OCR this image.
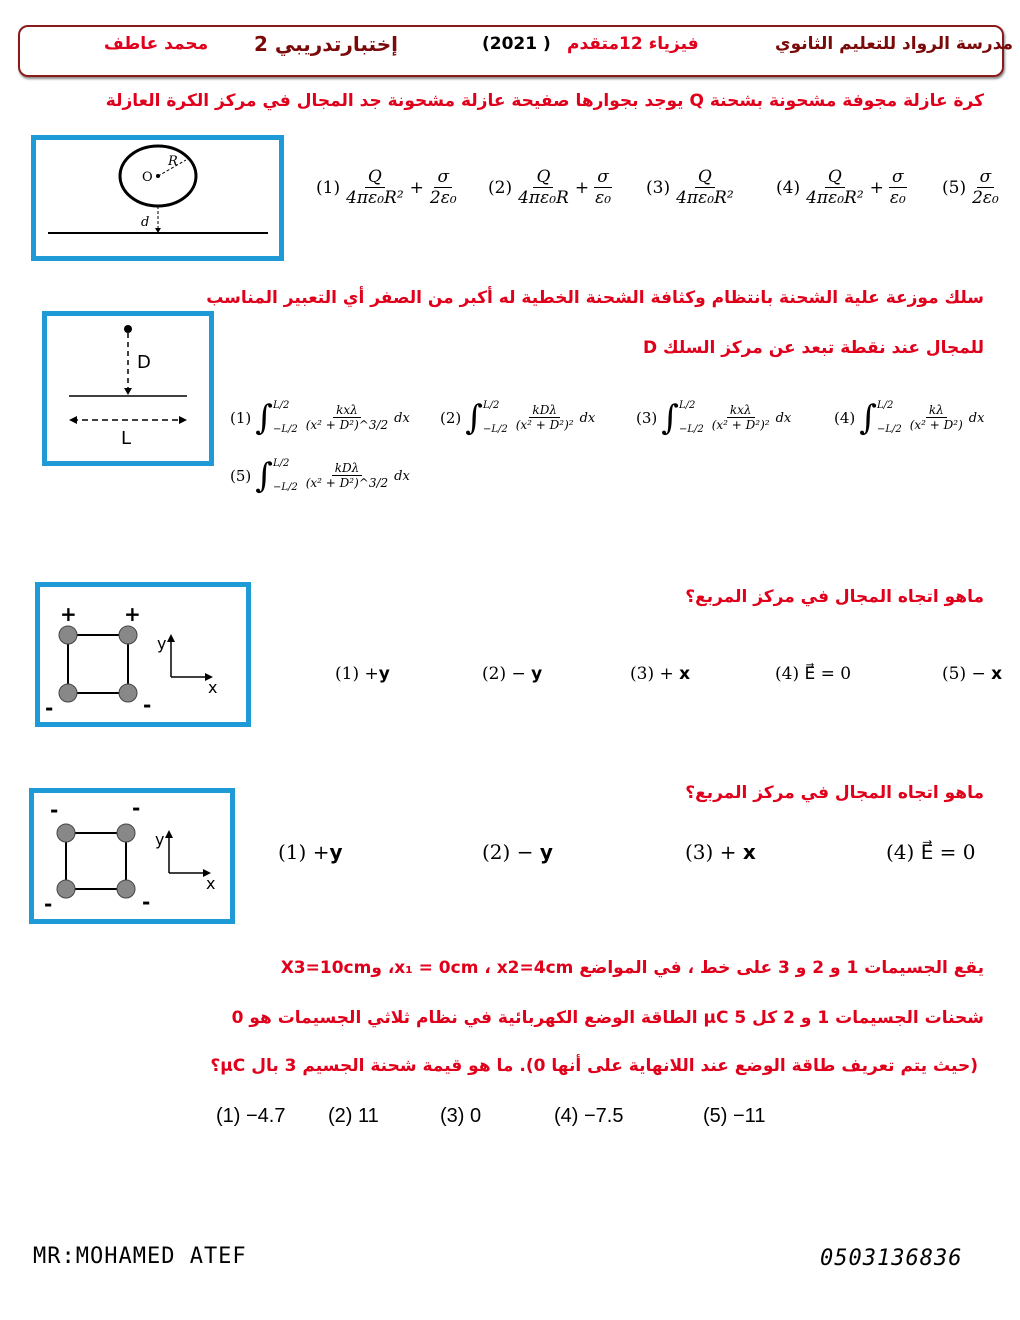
مدرسة الرواد للتعليم الثانوي
فيزياء 12متقدم
(2021 )
إختبارتدريبي 2
محمد عاطف
كرة عازلة مجوفة مشحونة بشحنة Q يوجد بجوارها صفيحة عازلة مشحونة جد المجال في مركز الكرة العازلة
O
R
d
$(1) \frac{Q}{\text{4πε₀R²}} + \frac{\sigma}{\text{2ε₀}} (2) \frac{Q}{\text{4πε₀R}} + \frac{\sigma}{\text{ε₀}} (3) \frac{Q}{\text{4πε₀R²}} (4) \frac{Q}{\text{4πε₀R²}} + \frac{\sigma}{\text{ε₀}} (5) \frac{\sigma}{\text{2ε₀}}$
سلك موزعة علية الشحنة بانتظام وكثافة الشحنة الخطية له أكبر من الصفر أي التعبير المناسب
للمجال عند نقطة تبعد عن مركز السلك D
D
L
(1) ∫ L/2
$-L/2 \frac{\text{kxλ}}{\text{(x² + D²)\textasciicircum{}3/2}}$ dx (2) ∫ L/2
$-L/2 \frac{\text{kDλ}}{\text{(x² + D²)²}}$ dx	(3) ∫ L/2
$-L/2 \frac{\text{kxλ}}{\text{(x² + D²)²}}$ dx	(4) ∫ L/2
$-L/2 \frac{k\lambda}{\text{(x² + D²)}}$ dx
(5) ∫ L/2
$-L/2 \frac{\text{kDλ}}{\text{(x² + D²)\textasciicircum{}3/2}}$ dx
ماهو اتجاه المجال في مركز المربع؟
+ +
-	-
y
x
(1) +y	(2) − y	(3) + x	(4) E⃗ = 0	(5) − x
ماهو اتجاه المجال في مركز المربع؟
-	-
-	-
y
x
(1) +y	(2) − y	(3) + x	(4) E⃗ = 0
يقع الجسيمات 1 و 2 و 3 على خط ، في المواضع x₁ = 0cm ، x2=4cm، وX3=10cm
شحنات الجسيمات 1 و 2 كل µC 5 الطاقة الوضع الكهربائية في نظام ثلاثي الجسيمات هو 0
(حيث يتم تعريف طاقة الوضع عند اللانهاية على أنها 0). ما هو قيمة شحنة الجسيم 3 بال µC؟
(1) −4.7 (2) 11	(3) 0	(4) −7.5	(5) −11
MR:MOHAMED ATEF	0503136836
